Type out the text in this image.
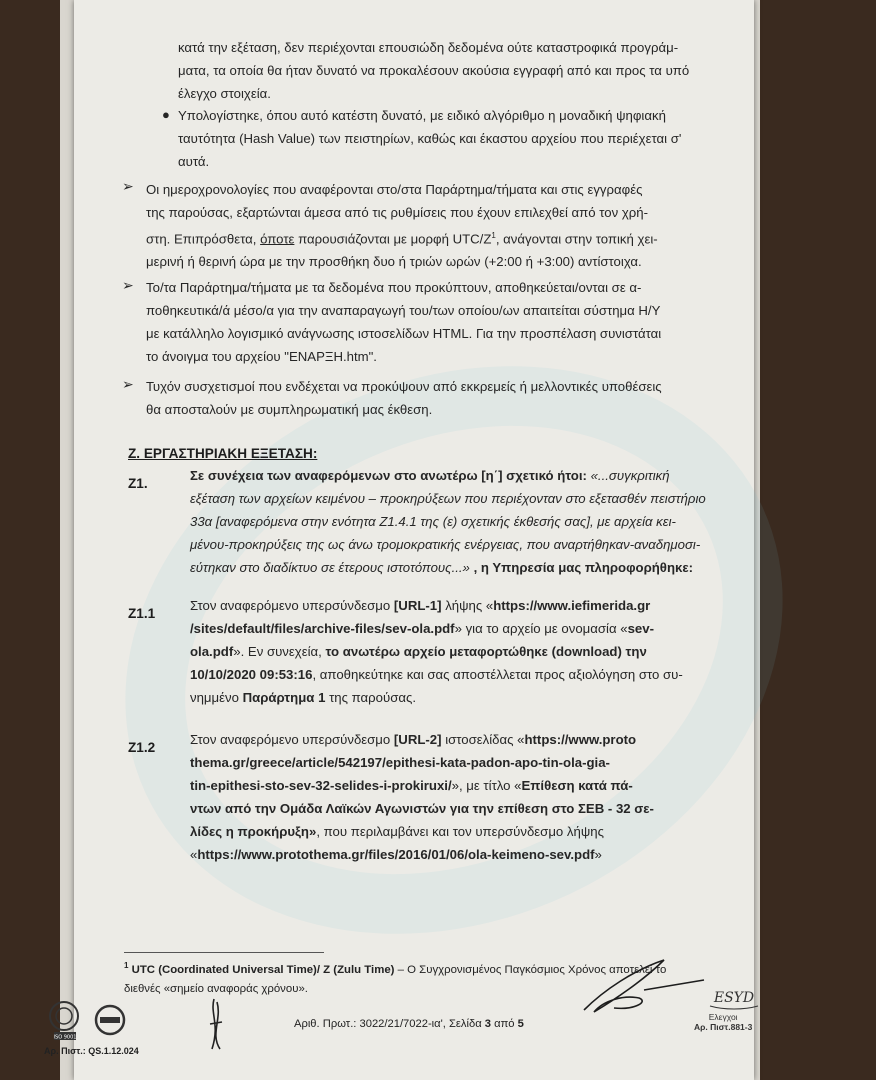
κατά την εξέταση, δεν περιέχονται επουσιώδη δεδομένα ούτε καταστροφικά προγράμ-
ματα, τα οποία θα ήταν δυνατό να προκαλέσουν ακούσια εγγραφή από και προς τα υπό
έλεγχο στοιχεία.
● Υπολογίστηκε, όπου αυτό κατέστη δυνατό, με ειδικό αλγόριθμο η μοναδική ψηφιακή
ταυτότητα (Hash Value) των πειστηρίων, καθώς και έκαστου αρχείου που περιέχεται σ'
αυτά.
➢ Οι ημεροχρονολογίες που αναφέρονται στο/στα Παράρτημα/τήματα και στις εγγραφές
της παρούσας, εξαρτώνται άμεσα από τις ρυθμίσεις που έχουν επιλεχθεί από τον χρή-
στη. Επιπρόσθετα, όποτε παρουσιάζονται με μορφή UTC/$Z^1$, ανάγονται στην τοπική χει-
μερινή ή θερινή ώρα με την προσθήκη δυο ή τριών ωρών (+2:00 ή +3:00) αντίστοιχα.
➢ Το/τα Παράρτημα/τήματα με τα δεδομένα που προκύπτουν, αποθηκεύεται/ονται σε α-
ποθηκευτικά/ά μέσο/α για την αναπαραγωγή του/των οποίου/ων απαιτείται σύστημα Η/Υ
με κατάλληλο λογισμικό ανάγνωσης ιστοσελίδων HTML. Για την προσπέλαση συνιστάται
το άνοιγμα του αρχείου "ΕΝΑΡΞΗ.htm".
➢ Τυχόν συσχετισμοί που ενδέχεται να προκύψουν από εκκρεμείς ή μελλοντικές υποθέσεις
θα αποσταλούν με συμπληρωματική μας έκθεση.
Ζ. ΕΡΓΑΣΤΗΡΙΑΚΗ ΕΞΕΤΑΣΗ:
Ζ1.
Σε συνέχεια των αναφερόμενων στο ανωτέρω [η΄] σχετικό ήτοι: «...συγκριτική
εξέταση των αρχείων κειμένου – προκηρύξεων που περιέχονταν στο εξετασθέν πειστήριο
33α [αναφερόμενα στην ενότητα Ζ1.4.1 της (ε) σχετικής έκθεσής σας], με αρχεία κει-
μένου-προκηρύξεις της ως άνω τρομοκρατικής ενέργειας, που αναρτήθηκαν-αναδημοσι-
εύτηκαν στο διαδίκτυο σε έτερους ιστοτόπους...» , η Υπηρεσία μας πληροφορήθηκε:
Ζ1.1
Στον αναφερόμενο υπερσύνδεσμο [URL-1] λήψης «https://www.iefimerida.gr
/sites/default/files/archive-files/sev-ola.pdf» για το αρχείο με ονομασία «sev-
ola.pdf». Εν συνεχεία, το ανωτέρω αρχείο μεταφορτώθηκε (download) την
10/10/2020 09:53:16, αποθηκεύτηκε και σας αποστέλλεται προς αξιολόγηση στο συ-
νημμένο Παράρτημα 1 της παρούσας.
Ζ1.2
Στον αναφερόμενο υπερσύνδεσμο [URL-2] ιστοσελίδας «https://www.proto
thema.gr/greece/article/542197/epithesi-kata-padon-apo-tin-ola-gia-
tin-epithesi-sto-sev-32-selides-i-prokiruxi/», με τίτλο «Επίθεση κατά πά-
ντων από την Ομάδα Λαϊκών Αγωνιστών για την επίθεση στο ΣΕΒ - 32 σε-
λίδες η προκήρυξη», που περιλαμβάνει και τον υπερσύνδεσμο λήψης
«https://www.protothema.gr/files/2016/01/06/ola-keimeno-sev.pdf»
$^1$ UTC (Coordinated Universal Time)/ Z (Zulu Time) – Ο Συγχρονισμένος Παγκόσμιος Χρόνος αποτελεί το
διεθνές «σημείο αναφοράς χρόνου».
Αριθ. Πρωτ.: 3022/21/7022-ια', Σελίδα 3 από 5
ISO 9001
Αρ. Πιστ.: QS.1.12.024
ESYD
Ελεγχοι
Αρ. Πιστ.881-3
